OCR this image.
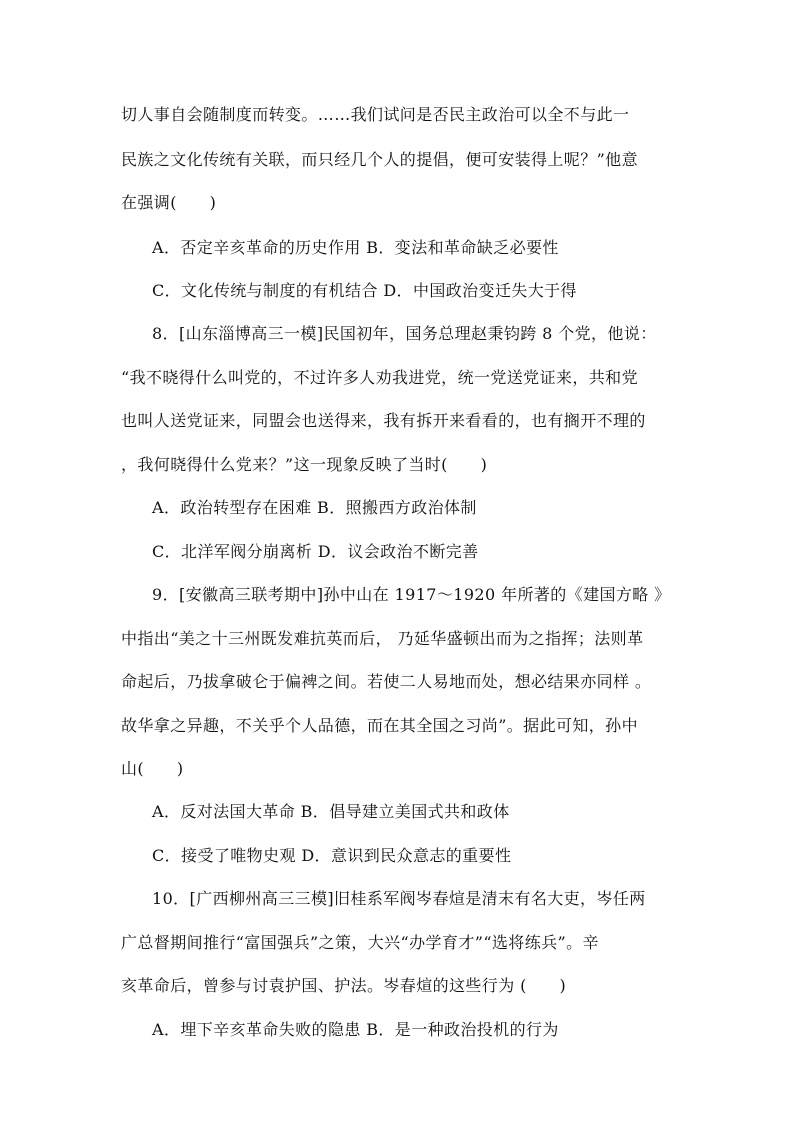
切人事自会随制度而转变。……我们试问是否民主政治可以全不与此一
民族之文化传统有关联，而只经几个人的提倡，便可安装得上呢？”他意
在强调(　　)
A．否定辛亥革命的历史作用 B．变法和革命缺乏必要性
C．文化传统与制度的有机结合 D．中国政治变迁失大于得
8．[山东淄博高三一模]民国初年，国务总理赵秉钧跨 8 个党，他说：
“我不晓得什么叫党的，不过许多人劝我进党，统一党送党证来，共和党
也叫人送党证来，同盟会也送得来，我有拆开来看看的，也有搁开不理的
，我何晓得什么党来？”这一现象反映了当时(　　)
A．政治转型存在困难 B．照搬西方政治体制
C．北洋军阀分崩离析 D．议会政治不断完善
9．[安徽高三联考期中]孙中山在 1917～1920 年所著的《建国方略 》
中指出“美之十三州既发难抗英而后， 乃延华盛顿出而为之指挥；法则革
命起后，乃拔拿破仑于偏裨之间。若使二人易地而处，想必结果亦同样 。
故华拿之异趣，不关乎个人品德，而在其全国之习尚”。据此可知，孙中
山(　　)
A．反对法国大革命 B．倡导建立美国式共和政体
C．接受了唯物史观 D．意识到民众意志的重要性
10．[广西柳州高三三模]旧桂系军阀岑春煊是清末有名大吏，岑任两
广总督期间推行“富国强兵”之策，大兴“办学育才”“选将练兵”。辛
亥革命后，曾参与讨袁护国、护法。岑春煊的这些行为 (　　)
A．埋下辛亥革命失败的隐患 B．是一种政治投机的行为
